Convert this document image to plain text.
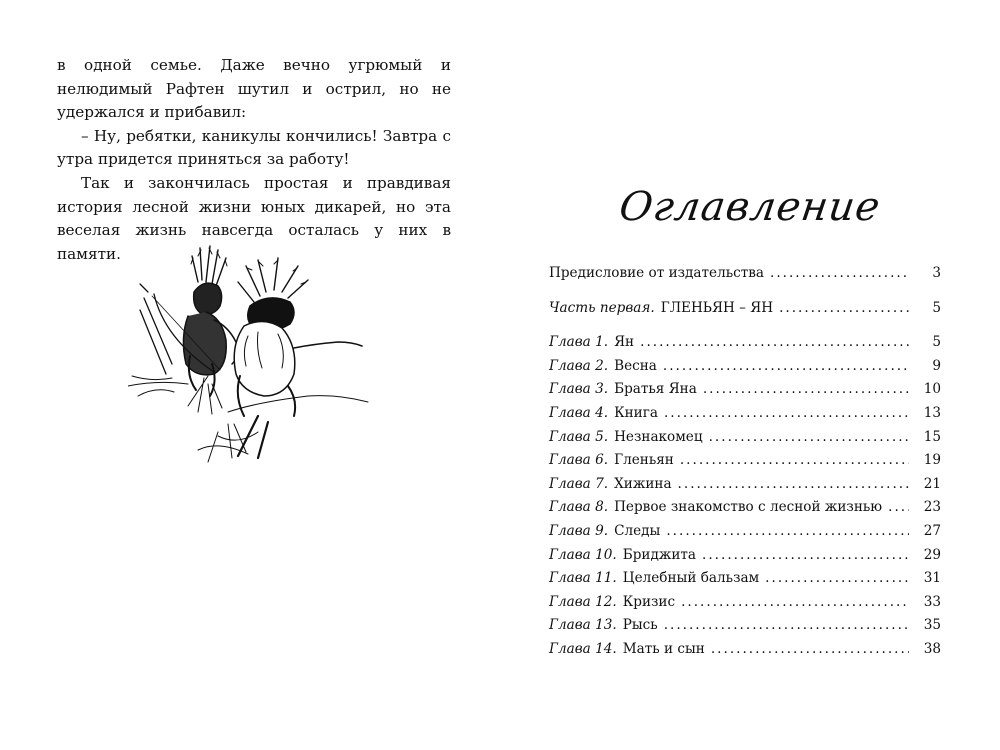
в одной семье. Даже вечно угрюмый и нелюдимый Рафтен шутил и острил, но не удержался и прибавил:

– Ну, ребятки, каникулы кончились! Завтра с утра придется приняться за работу!

Так и закончилась простая и правдивая история лесной жизни юных дикарей, но эта веселая жизнь навсегда осталась у них в памяти.

Оглавление
Предисловие от издательства .....	3
Часть первая. ГЛЕНЬЯН – ЯН .....	5
Глава 1. Ян .....	5
Глава 2. Весна .....	9
Глава 3. Братья Яна .....	10
Глава 4. Книга .....	13
Глава 5. Незнакомец .....	15
Глава 6. Гленьян .....	19
Глава 7. Хижина .....	21
Глава 8. Первое знакомство с лесной жизнью .....	23
Глава 9. Следы .....	27
Глава 10. Бриджита .....	29
Глава 11. Целебный бальзам .....	31
Глава 12. Кризис .....	33
Глава 13. Рысь .....	35
Глава 14. Мать и сын .....	38
